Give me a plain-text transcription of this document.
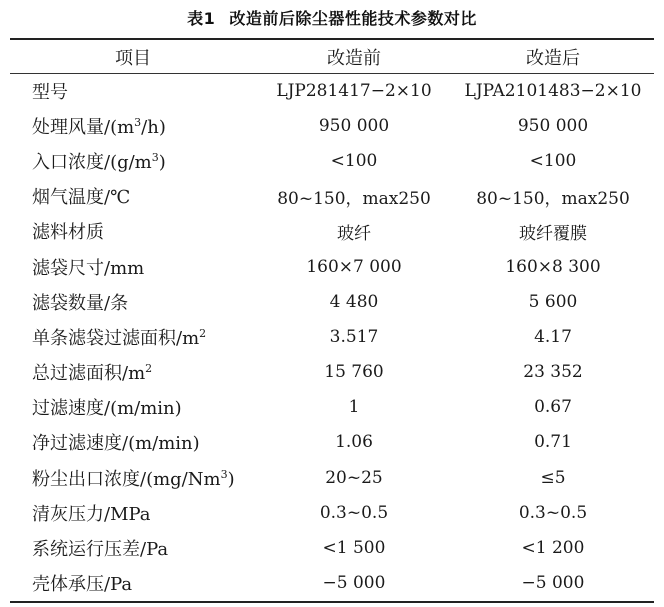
表1 改造前后除尘器性能技术参数对比
项目	改造前	改造后
型号	LJP281417−2×10	LJPA2101483−2×10
处理风量$/(m^3/h)$	950 000	950 000
入口浓度$/(g/m^3)$	<100	<100
烟气温度/℃	80~150，max250	80~150，max250
滤料材质	玻纤	玻纤覆膜
滤袋尺寸/mm	160×7 000	160×8 300
滤袋数量/条	4 480	5 600
单条滤袋过滤面积$/m^2$	3.517	4.17
总过滤面积$/m^2$	15 760	23 352
过滤速度/(m/min)	1	0.67
净过滤速度/(m/min)	1.06	0.71
粉尘出口浓度/(mg/Nm$^3$)	20~25	≤5
清灰压力/MPa	0.3~0.5	0.3~0.5
系统运行压差/Pa	<1 500	<1 200
壳体承压/Pa	−5 000	−5 000
